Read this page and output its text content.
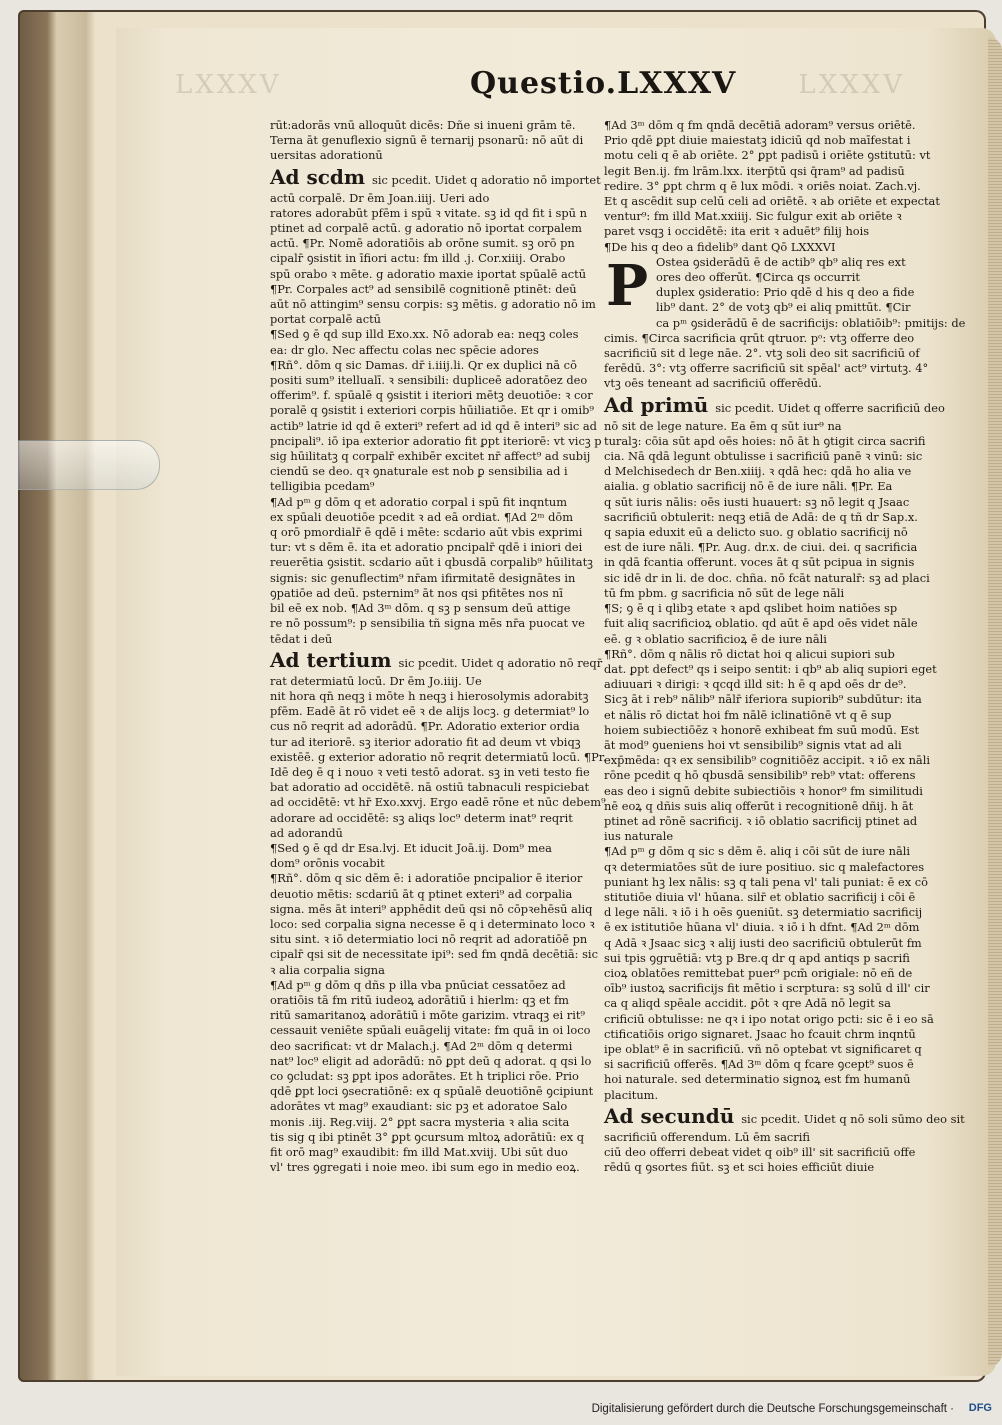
LXXXV	LXXXV
Questio.LXXXV
rūt:adorās vnū alloquūt dicēs: Dñe si inueni grām tē.
Terna āt genuflexio signū ē ternarij psonarū: nō aūt di
uersitas adorationū
Ad scdm sic pcedit. Uidet q adoratio nō importet
actū corpalē. Dr ēm Joan.iiij. Ueri ado
ratores adorabūt pfēm i spū ꝛ vitate. sꝫ id qd fit i spū n
ptinet ad corpalē actū. g adoratio nō iportat corpalem
actū. ¶Pr. Nomē adoratiōis ab orōne sumit. sꝫ orō pn
cipalr̄ ꝯsistit in īfiori actu: fm illd .j. Cor.xiiij. Orabo
spū orabo ꝛ mēte. g adoratio maxie iportat spūalē actū
¶Pr. Corpales act⁹ ad sensibilē cognitionē ptinēt: deū
aūt nō attingim⁹ sensu corpis: sꝫ mētis. g adoratio nō im
portat corpalē actū
¶Sed ꝯ ē qd sup illd Exo.xx. Nō adorab ea: neqꝫ coles
ea: dr glo. Nec affectu colas nec spēcie adores
¶Rñ°. dōm q sic Damas. dr̄ i.iiij.li. Qr ex duplici nā cō
positi sum⁹ itellualī. ꝛ sensibili: dupliceē adoratōez deo
offerim⁹. f. spūalē q ꝯsistit i iteriori mētꝫ deuotiōe: ꝛ cor
poralē q ꝯsistit i exteriori corpis hūiliatiōe. Et qr i omib⁹
actib⁹ latrie id qd ē exteri⁹ refert ad id qd ē interi⁹ sic ad
pncipali⁹. iō ipa exterior adoratio fit ꝑpt iteriorē: vt vicꝫ p
sig hūilitatꝫ q corpalr̄ exhibēr excitet nr̄ affect⁹ ad subij
ciendū se deo. qꝛ ꝯnaturale est nob ꝑ sensibilia ad i
telligibia pcedam⁹
¶Ad pᵐ g dōm q et adoratio corpal i spū fit inqntum
ex spūali deuotiōe pcedit ꝛ ad eā ordiat. ¶Ad 2ᵐ dōm
q orō pmordialr̄ ē qdē i mēte: scdario aūt vbis exprimi
tur: vt s dēm ē. ita et adoratio pncipalr̄ qdē i iniori dei
reuerētia ꝯsistit. scdario aūt i qbusdā corpalib⁹ hūilitatꝫ
signis: sic genuflectim⁹ nr̄am ifirmitatē designātes in
ꝯpatiōe ad deū. psternim⁹ āt nos qsi pfitētes nos nī
bil eē ex nob. ¶Ad 3ᵐ dōm. q sꝫ p sensum deū attige
re nō possum⁹: p sensibilia tñ signa mēs nr̄a puocat ve
tēdat i deū
Ad tertium sic pcedit. Uidet q adoratio nō reqr̄
rat determiatū locū. Dr ēm Jo.iiij. Ue
nit hora qn̄ neqꝫ i mōte h neqꝫ i hierosolymis adorabitꝫ
pfēm. Eadē āt rō videt eē ꝛ de alijs locꝫ. g determiat⁹ lo
cus nō reqrit ad adorādū. ¶Pr. Adoratio exterior ordia
tur ad iteriorē. sꝫ iterior adoratio fit ad deum vt vbiqꝫ
existēē. g exterior adoratio nō reqrit determiatū locū. ¶Pr.
Idē deꝯ ē q i nouo ꝛ veti testō adorat. sꝫ in veti testo fie
bat adoratio ad occidētē. nā ostiū tabnaculi respiciebat
ad occidētē: vt hr̄ Exo.xxvj. Ergo eadē rōne et nūc debem⁹
adorare ad occidētē: sꝫ aliqs loc⁹ determ inat⁹ reqrit
ad adorandū
¶Sed ꝯ ē qd dr Esa.lvj. Et iducit Joā.ij. Dom⁹ mea
dom⁹ orōnis vocabit
¶Rñ°. dōm q sic dēm ē: i adoratiōe pncipalior ē iterior
deuotio mētis: scdariū āt q ptinet exteri⁹ ad corpalia
signa. mēs āt interi⁹ apphēdit deū qsi nō cōpꝛehēsū aliq
loco: sed corpalia signa necesse ē q i determinato loco ꝛ
situ sint. ꝛ iō determiatio loci nō reqrit ad adoratiōē pn
cipalr̄ qsi sit de necessitate ipi⁹: sed fm qndā decētiā: sic
ꝛ alia corpalia signa
¶Ad pᵐ g dōm q dñs p illa vba pnūciat cessatōez ad
oratiōis tā fm ritū iudeoꝝ adorātiū i hierlm: qꝫ et fm
ritū samaritanoꝝ adorātiū i mōte garizim. vtraqꝫ ei rit⁹
cessauit veniēte spūali euāgelij vitate: fm quā in oi loco
deo sacrificat: vt dr Malach.j. ¶Ad 2ᵐ dōm q determi
nat⁹ loc⁹ eligit ad adorādū: nō ꝑpt deū q adorat. q qsi lo
co ꝯcludat: sꝫ ꝑpt ipos adorātes. Et h triplici rōe. Prio
qdē ꝑpt loci ꝯsecratiōnē: ex q spūalē deuotiōnē ꝯcipiunt
adorātes vt mag⁹ exaudiant: sic pꝫ et adoratoe Salo
monis .iij. Reg.viij. 2° ꝑpt sacra mysteria ꝛ alia scita
tis sig q ibi ptinēt 3° ꝑpt ꝯcursum mltoꝝ adorātiū: ex q
fit orō mag⁹ exaudibit: fm illd Mat.xviij. Ubi sūt duo
vl' tres ꝯgregati i noie meo. ibi sum ego in medio eoꝝ.
¶Ad 3ᵐ dōm q fm qndā decētiā adoram⁹ versus oriētē.
Prio qdē ꝑpt diuie maiestatꝫ idiciū qd nob maīfestat i
motu celi q ē ab oriēte. 2° ꝑpt padisū i oriēte ꝯstitutū: vt
legit Ben.ij. fm lrām.lxx. iterp̄tū qsi q̄ram⁹ ad padisū
redire. 3° ꝑpt chrm q ē lux mōdi. ꝛ oriēs noiat. Zach.vj.
Et q ascēdit sup celū celi ad oriētē. ꝛ ab oriēte et expectat
ventur⁹: fm illd Mat.xxiiij. Sic fulgur exit ab oriēte ꝛ
paret vsqꝫ i occidētē: ita erit ꝛ aduēt⁹ filij hois
¶De his q deo a fidelib⁹ dant Qō LXXXVI
P Ostea ꝯsiderādū ē de actib⁹ qb⁹ aliq res ext
ores deo offerūt. ¶Circa qs occurrit
duplex ꝯsideratio: Prio qdē d his q deo a fide
lib⁹ dant. 2° de votꝫ qb⁹ ei aliq pmittūt. ¶Cir
ca pᵐ ꝯsiderādū ē de sacrificijs: oblatiōib⁹: pmitijs: de
cimis. ¶Circa sacrificia qrūt qtruor. pᵒ: vtꝫ offerre deo
sacrificiū sit d lege nāe. 2°. vtꝫ soli deo sit sacrificiū of
ferēdū. 3°: vtꝫ offerre sacrificiū sit spēal' act⁹ virtutꝫ. 4°
vtꝫ oēs teneant ad sacrificiū offerēdū.
Ad primū sic pcedit. Uidet q offerre sacrificiū deo
nō sit de lege nature. Ea ēm q sūt iur⁹ na
turalꝫ: cōia sūt apd oēs hoies: nō āt h ꝯtigit circa sacrifi
cia. Nā qdā legunt obtulisse i sacrificiū panē ꝛ vinū: sic
d Melchisedech dr Ben.xiiij. ꝛ qdā hec: qdā ho alia ve
aialia. g oblatio sacrificij nō ē de iure nāli. ¶Pr. Ea
q sūt iuris nālis: oēs iusti huauert: sꝫ nō legit q Jsaac
sacrificiū obtulerit: neqꝫ etiā de Adā: de q tñ dr Sap.x.
q sapia eduxit eū a delicto suo. g oblatio sacrificij nō
est de iure nāli. ¶Pr. Aug. dr.x. de ciui. dei. q sacrificia
in qdā fcantia offerunt. voces āt q sūt pcipua in signis
sic idē dr in li. de doc. chña. nō fcāt naturalr̄: sꝫ ad placi
tū fm pbm. g sacrificia nō sūt de lege nāli
¶S; ꝯ ē q i qlibꝫ etate ꝛ apd qslibet hoim natiōes sp
fuit aliq sacrificioꝝ oblatio. qd aūt ē apd oēs videt nāle
eē. g ꝛ oblatio sacrificioꝝ ē de iure nāli
¶Rñ°. dōm q nālis rō dictat hoi q alicui supiori sub
dat. ꝑpt defect⁹ qs i seipo sentit: i qb⁹ ab aliq supiori eget
adiuuari ꝛ dirigi: ꝛ qcqd illd sit: h ē q apd oēs dr de⁹.
Sicꝫ āt i reb⁹ nālib⁹ nālr̄ iferiora supiorib⁹ subdūtur: ita
et nālis rō dictat hoi fm nālē iclinatiōnē vt q ē sup
hoiem subiectiōēz ꝛ honorē exhibeat fm suū modū. Est
āt mod⁹ ꝯueniens hoi vt sensibilib⁹ signis vtat ad ali
exp̄mēda: qꝛ ex sensibilib⁹ cognitiōēz accipit. ꝛ iō ex nāli
rōne pcedit q hō qbusdā sensibilib⁹ reb⁹ vtat: offerens
eas deo i signū debite subiectiōis ꝛ honor⁹ fm similitudi
nē eoꝝ q dñis suis aliq offerūt i recognitionē dñij. h āt
ptinet ad rōnē sacrificij. ꝛ iō oblatio sacrificij ptinet ad
ius naturale
¶Ad pᵐ g dōm q sic s dēm ē. aliq i cōi sūt de iure nāli
qꝛ determiatōes sūt de iure positiuo. sic q malefactores
puniant hꝫ lex nālis: sꝫ q tali pena vl' tali puniat: ē ex cō
stitutiōe diuia vl' hūana. silr̄ et oblatio sacrificij i cōi ē
d lege nāli. ꝛ iō i h oēs ꝯueniūt. sꝫ determiatio sacrificij
ē ex istitutiōe hūana vl' diuia. ꝛ iō i h dfnt. ¶Ad 2ᵐ dōm
q Adā ꝛ Jsaac sicꝫ ꝛ alij iusti deo sacrificiū obtulerūt fm
sui tpis ꝯgruētiā: vtꝫ p Bre.q dr q apd antiqs p sacrifi
cioꝝ oblatōes remittebat puer⁹ pcm̄ origiale: nō eñ de
oīb⁹ iustoꝝ sacrificijs fit mētio i scrptura: sꝫ solū d ill' cir
ca q aliqd spēale accidit. ꝑōt ꝛ qre Adā nō legit sa
crificiū obtulisse: ne qꝛ i ipo notat origo pcti: sic ē i eo sā
ctificatiōis origo signaret. Jsaac ho fcauit chrm inqntū
ipe oblat⁹ ē in sacrificiū. vñ nō optebat vt significaret q
si sacrificiū offerēs. ¶Ad 3ᵐ dōm q fcare ꝯcept⁹ suos ē
hoi naturale. sed determinatio signoꝝ est fm humanū
placitum.
Ad secundū sic pcedit. Uidet q nō soli sūmo deo sit
sacrificiū offerendum. Lū ēm sacrifi
ciū deo offerri debeat videt q oib⁹ ill' sit sacrificiū offe
rēdū q ꝯsortes fiūt. sꝫ et sci hoies efficiūt diuie
Digitalisierung gefördert durch die Deutsche Forschungsgemeinschaft · DFG
